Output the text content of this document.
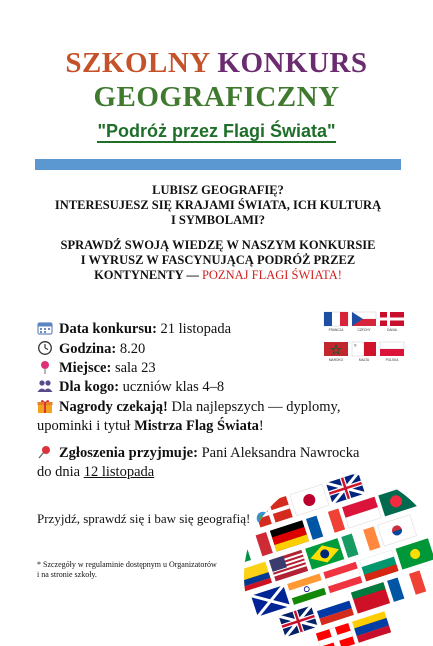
SZKOLNY KONKURS
GEOGRAFICZNY
"Podróż przez Flagi Świata"
LUBISZ GEOGRAFIĘ?
INTERESUJESZ SIĘ KRAJAMI ŚWIATA, ICH KULTURĄ
I SYMBOLAMI?
SPRAWDŹ SWOJĄ WIEDZĘ W NASZYM KONKURSIE
I WYRUSZ W FASCYNUJĄCĄ PODRÓŻ PRZEZ
KONTYNENTY — POZNAJ FLAGI ŚWIATA!
Data konkursu: 21 listopada
Godzina: 8.20
Miejsce: sala 23
Dla kogo: uczniów klas 4–8
Nagrody czekają! Dla najlepszych — dyplomy,
upominki i tytuł Mistrza Flag Świata!
Zgłoszenia przyjmuje: Pani Aleksandra Nawrocka
do dnia 12 listopada
Przyjdź, sprawdź się i baw się geografią!
* Szczegóły w regulaminie dostępnym u Organizatorów
i na stronie szkoły.
FRANCJA	CZECHY	DANIA
MAROKO	MALTA	POLSKA
